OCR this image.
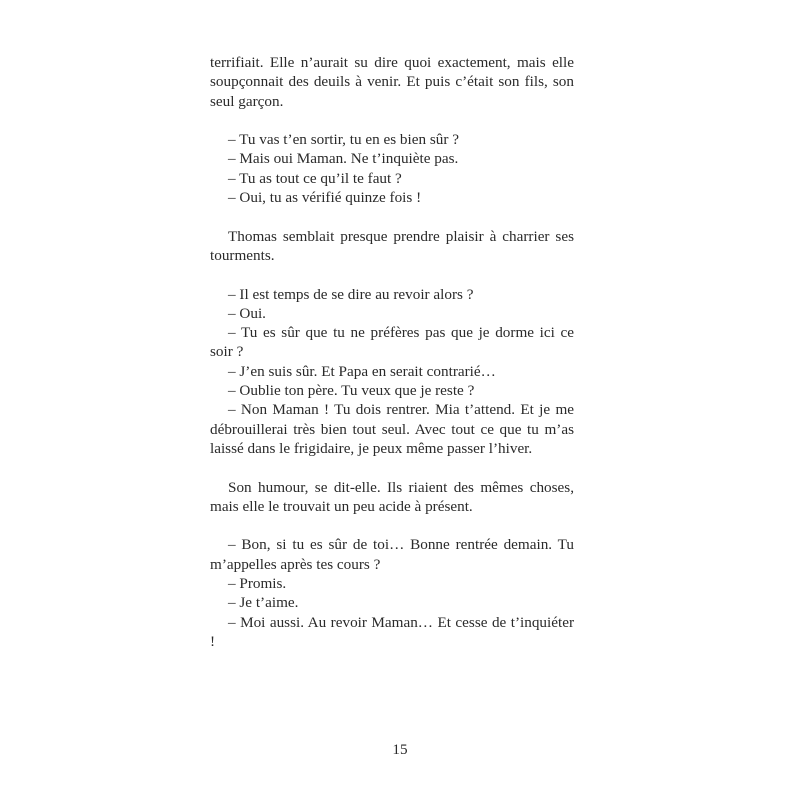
terrifiait. Elle n’aurait su dire quoi exactement, mais elle soupçonnait des deuils à venir. Et puis c’était son fils, son seul garçon.

– Tu vas t’en sortir, tu en es bien sûr ?

– Mais oui Maman. Ne t’inquiète pas.

– Tu as tout ce qu’il te faut ?

– Oui, tu as vérifié quinze fois !

Thomas semblait presque prendre plaisir à charrier ses tourments.

– Il est temps de se dire au revoir alors ?

– Oui.

– Tu es sûr que tu ne préfères pas que je dorme ici ce soir ?

– J’en suis sûr. Et Papa en serait contrarié…

– Oublie ton père. Tu veux que je reste ?

– Non Maman ! Tu dois rentrer. Mia t’attend. Et je me débrouillerai très bien tout seul. Avec tout ce que tu m’as laissé dans le frigidaire, je peux même passer l’hiver.

Son humour, se dit-elle. Ils riaient des mêmes choses, mais elle le trouvait un peu acide à présent.

– Bon, si tu es sûr de toi… Bonne rentrée demain. Tu m’appelles après tes cours ?

– Promis.

– Je t’aime.

– Moi aussi. Au revoir Maman… Et cesse de t’inquiéter !

15
